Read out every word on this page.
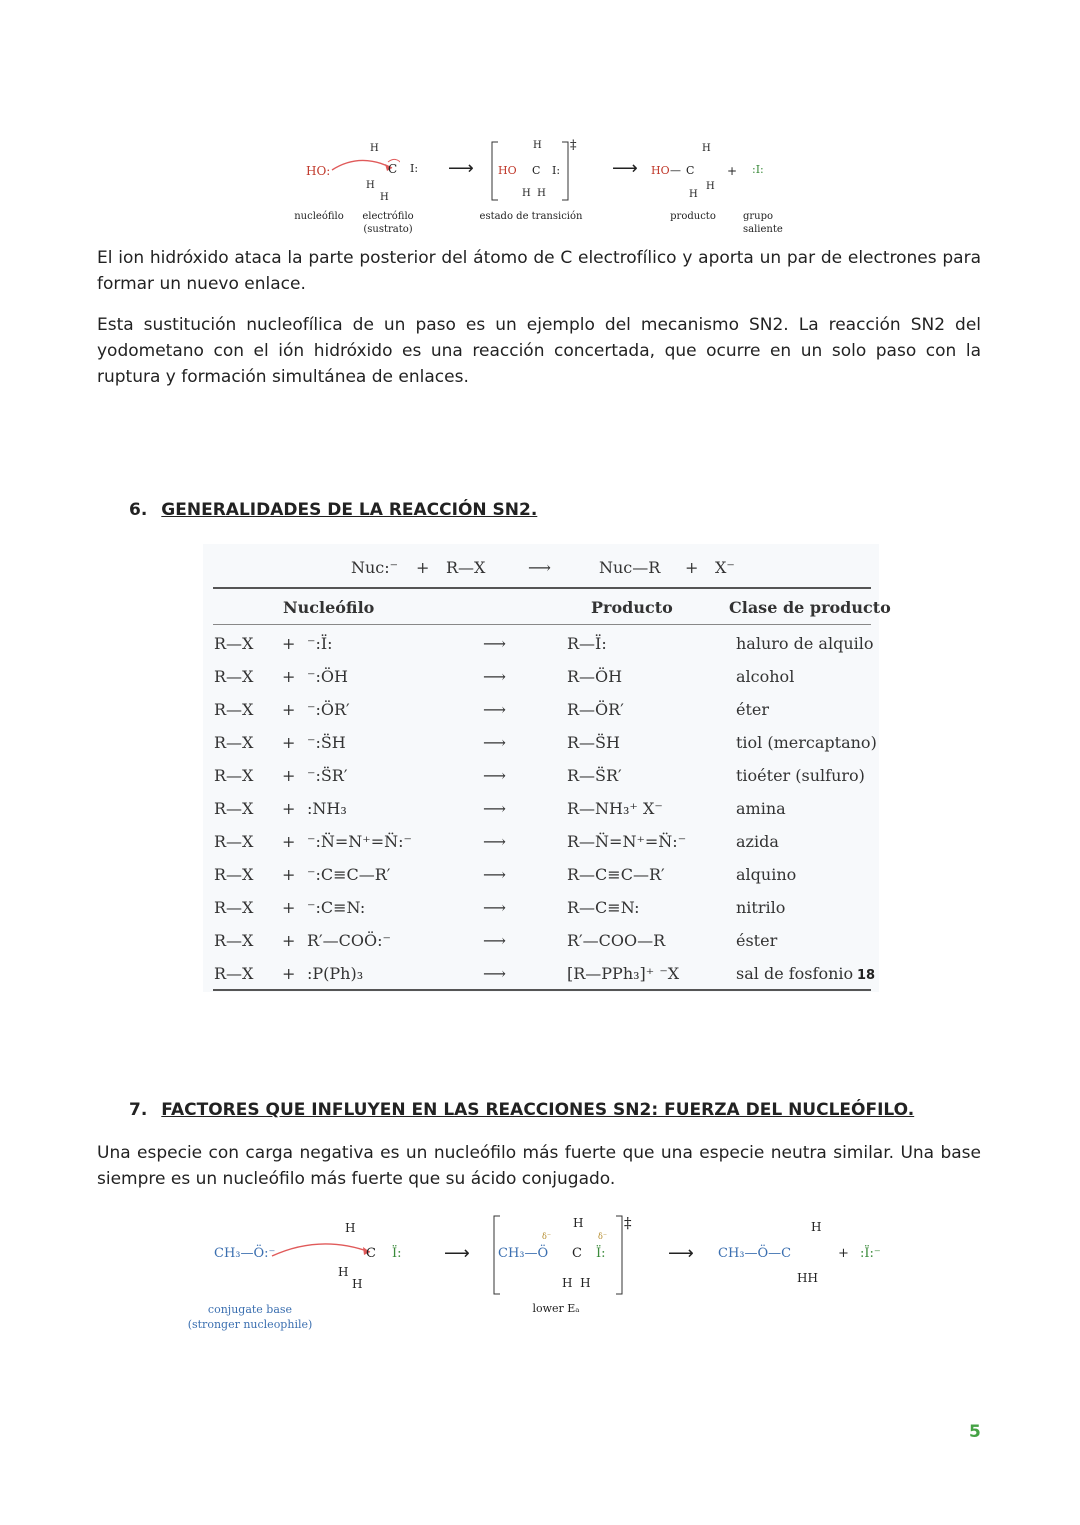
HO:
H
C I:
H
H
⟶ HO C I:
H
H  H
‡
⟶ HO — C
H
H
H
+ :I:
nucleófilo electrófilo
(sustrato)
estado de transición	producto	grupo
saliente

El ion hidróxido ataca la parte posterior del átomo de C electrofílico y aporta un par de electrones para formar un nuevo enlace.

Esta sustitución nucleofílica de un paso es un ejemplo del mecanismo SN2. La reacción SN2 del yodometano con el ión hidróxido es una reacción concertada, que ocurre en un solo paso con la ruptura y formación simultánea de enlaces.

6. GENERALIDADES DE LA REACCIÓN SN2.
Nuc:⁻ + R—X	⟶	Nuc—R + X⁻
Nucleófilo	Producto	Clase de producto
R—X + ⁻:Ï:	⟶	R—Ï:	haluro de alquilo
R—X + ⁻:ÖH	⟶	R—ÖH	alcohol
R—X + ⁻:ÖR′	⟶	R—ÖR′	éter
R—X + ⁻:S̈H	⟶	R—S̈H	tiol (mercaptano)
R—X + ⁻:S̈R′	⟶	R—S̈R′	tioéter (sulfuro)
R—X + :NH₃	⟶	R—NH₃⁺ X⁻	amina
R—X + ⁻:N̈=N⁺=N̈:⁻	⟶	R—N̈=N⁺=N̈:⁻	azida
R—X + ⁻:C≡C—R′	⟶	R—C≡C—R′	alquino
R—X + ⁻:C≡N:	⟶	R—C≡N:	nitrilo
R—X + R′—COÖ:⁻	⟶	R′—COO—R	éster
R—X + :P(Ph)₃	⟶	[R—PPh₃]⁺ ⁻X	sal de fosfonio 18
7. FACTORES QUE INFLUYEN EN LAS REACCIONES SN2: FUERZA DEL NUCLEÓFILO.

Una especie con carga negativa es un nucleófilo más fuerte que una especie neutra similar. Una base siempre es un nucleófilo más fuerte que su ácido conjugado.

CH₃—Ö:⁻
H
C Ï:
H
H
⟶ CH₃—Ö C Ï:
H
H  H
δ⁻	δ⁻
‡
⟶ CH₃—Ö—C
H
HH
+ :Ï:⁻
conjugate base
(stronger nucleophile)
lower Eₐ
5
